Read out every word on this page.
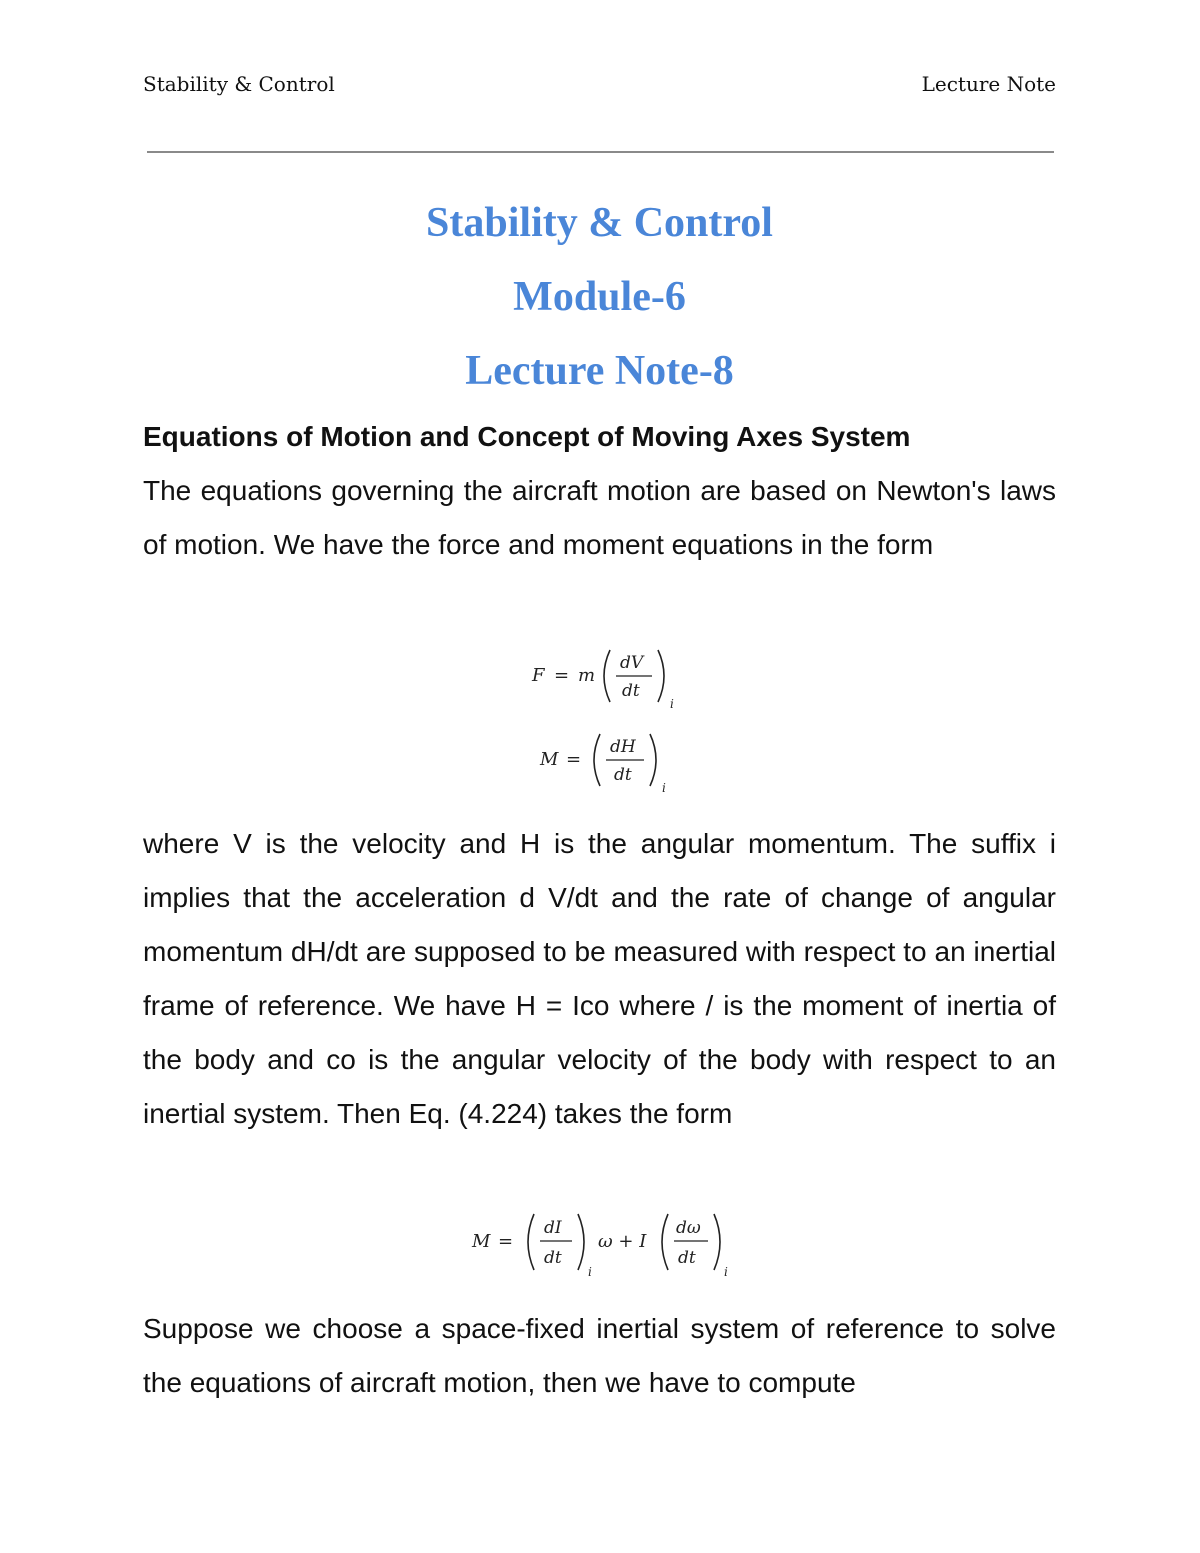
Stability & Control	Lecture Note
Stability & Control
Module-6
Lecture Note-8
Equations of Motion and Concept of Moving Axes System
The equations governing the aircraft motion are based on Newton's laws of motion. We have the force and moment equations in the form
F = m
dV
dt
i
M =
dH
dt
i
where V is the velocity and H is the angular momentum. The suffix i implies that the acceleration d V/dt and the rate of change of angular momentum dH/dt are supposed to be measured with respect to an inertial frame of reference. We have H = Ico where / is the moment of inertia of the body and co is the angular velocity of the body with respect to an inertial system. Then Eq. (4.224) takes the form
M =
dI
dt
i
ω + I
dω
dt
i
Suppose we choose a space-fixed inertial system of reference to solve the equations of aircraft motion, then we have to compute
